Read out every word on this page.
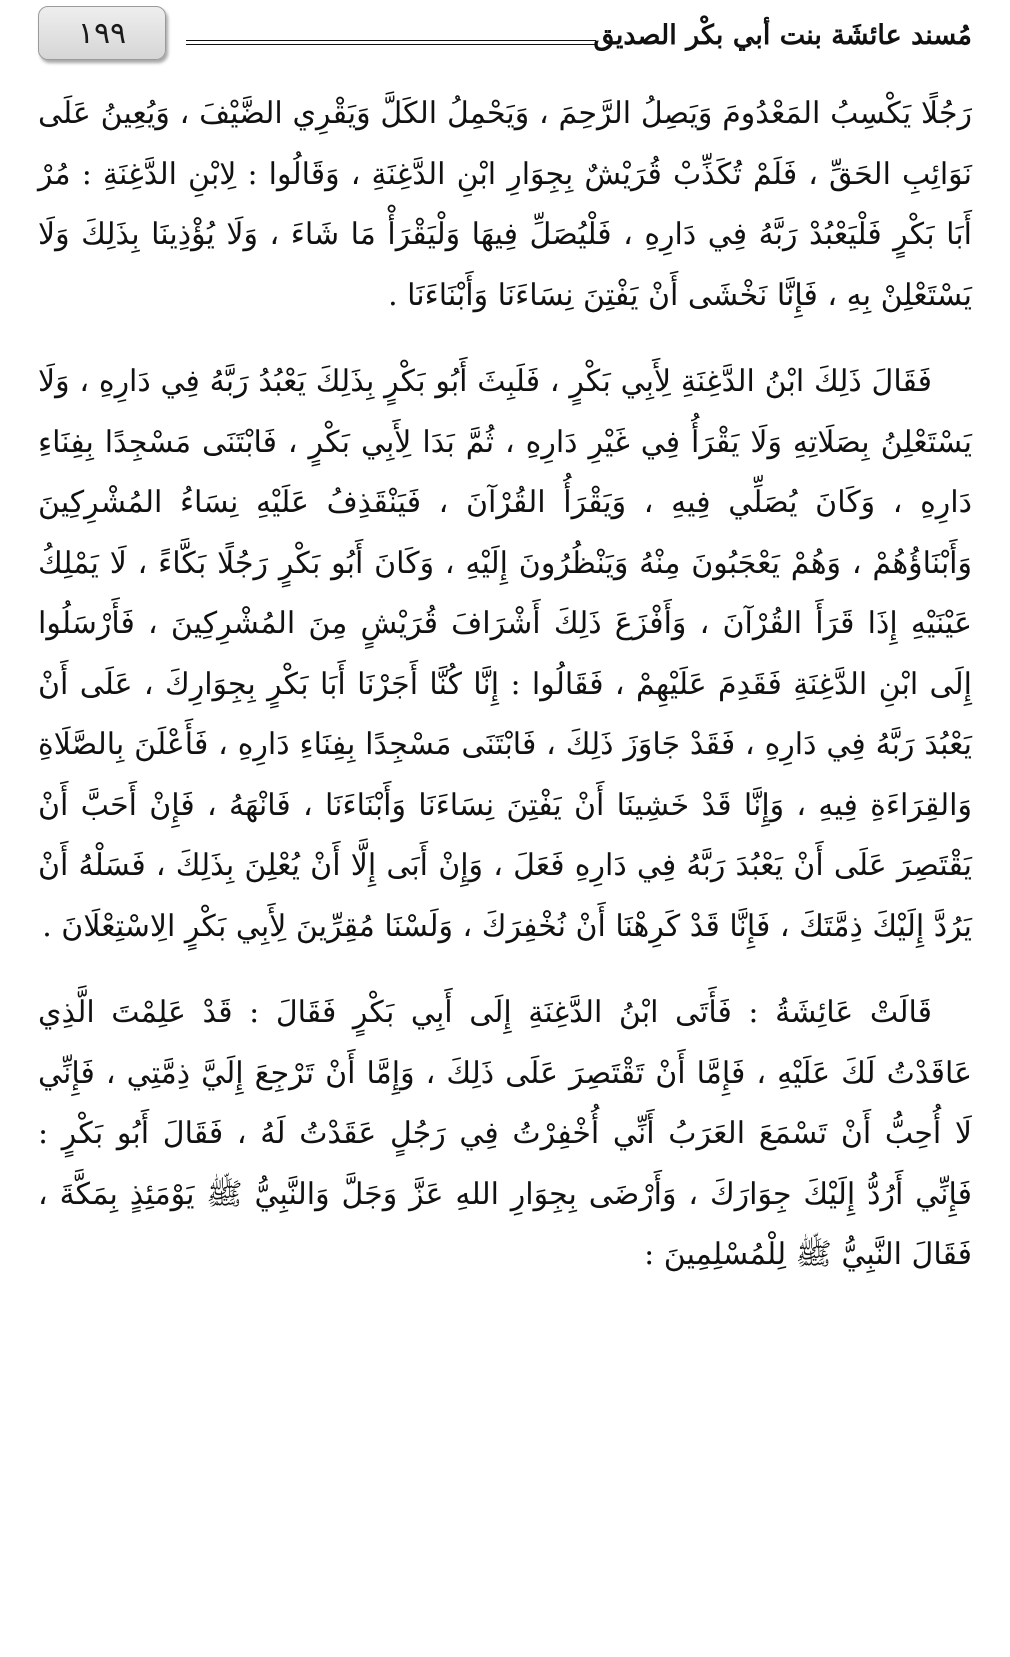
١٩٩	مُسند عائشَة بنت أبي بكْر الصديق

رَجُلًا يَكْسِبُ المَعْدُومَ وَيَصِلُ الرَّحِمَ ، وَيَحْمِلُ الكَلَّ وَيَقْرِي الضَّيْفَ ، وَيُعِينُ عَلَى نَوَائِبِ الحَقِّ ، فَلَمْ تُكَذِّبْ قُرَيْشٌ بِجِوَارِ ابْنِ الدَّغِنَةِ ، وَقَالُوا : لِابْنِ الدَّغِنَةِ : مُرْ أَبَا بَكْرٍ فَلْيَعْبُدْ رَبَّهُ فِي دَارِهِ ، فَلْيُصَلِّ فِيهَا وَلْيَقْرَأْ مَا شَاءَ ، وَلَا يُؤْذِينَا بِذَلِكَ وَلَا يَسْتَعْلِنْ بِهِ ، فَإِنَّا نَخْشَى أَنْ يَفْتِنَ نِسَاءَنَا وَأَبْنَاءَنَا .

فَقَالَ ذَلِكَ ابْنُ الدَّغِنَةِ لِأَبِي بَكْرٍ ، فَلَبِثَ أَبُو بَكْرٍ بِذَلِكَ يَعْبُدُ رَبَّهُ فِي دَارِهِ ، وَلَا يَسْتَعْلِنُ بِصَلَاتِهِ وَلَا يَقْرَأُ فِي غَيْرِ دَارِهِ ، ثُمَّ بَدَا لِأَبِي بَكْرٍ ، فَابْتَنَى مَسْجِدًا بِفِنَاءِ دَارِهِ ، وَكَانَ يُصَلِّي فِيهِ ، وَيَقْرَأُ القُرْآنَ ، فَيَنْقَذِفُ عَلَيْهِ نِسَاءُ المُشْرِكِينَ وَأَبْنَاؤُهُمْ ، وَهُمْ يَعْجَبُونَ مِنْهُ وَيَنْظُرُونَ إِلَيْهِ ، وَكَانَ أَبُو بَكْرٍ رَجُلًا بَكَّاءً ، لَا يَمْلِكُ عَيْنَيْهِ إِذَا قَرَأَ القُرْآنَ ، وَأَفْزَعَ ذَلِكَ أَشْرَافَ قُرَيْشٍ مِنَ المُشْرِكِينَ ، فَأَرْسَلُوا إِلَى ابْنِ الدَّغِنَةِ فَقَدِمَ عَلَيْهِمْ ، فَقَالُوا : إِنَّا كُنَّا أَجَرْنَا أَبَا بَكْرٍ بِجِوَارِكَ ، عَلَى أَنْ يَعْبُدَ رَبَّهُ فِي دَارِهِ ، فَقَدْ جَاوَزَ ذَلِكَ ، فَابْتَنَى مَسْجِدًا بِفِنَاءِ دَارِهِ ، فَأَعْلَنَ بِالصَّلَاةِ وَالقِرَاءَةِ فِيهِ ، وَإِنَّا قَدْ خَشِينَا أَنْ يَفْتِنَ نِسَاءَنَا وَأَبْنَاءَنَا ، فَانْهَهُ ، فَإِنْ أَحَبَّ أَنْ يَقْتَصِرَ عَلَى أَنْ يَعْبُدَ رَبَّهُ فِي دَارِهِ فَعَلَ ، وَإِنْ أَبَى إِلَّا أَنْ يُعْلِنَ بِذَلِكَ ، فَسَلْهُ أَنْ يَرُدَّ إِلَيْكَ ذِمَّتَكَ ، فَإِنَّا قَدْ كَرِهْنَا أَنْ نُخْفِرَكَ ، وَلَسْنَا مُقِرِّينَ لِأَبِي بَكْرٍ الِاسْتِعْلَانَ .

قَالَتْ عَائِشَةُ : فَأَتَى ابْنُ الدَّغِنَةِ إِلَى أَبِي بَكْرٍ فَقَالَ : قَدْ عَلِمْتَ الَّذِي عَاقَدْتُ لَكَ عَلَيْهِ ، فَإِمَّا أَنْ تَقْتَصِرَ عَلَى ذَلِكَ ، وَإِمَّا أَنْ تَرْجِعَ إِلَيَّ ذِمَّتِي ، فَإِنِّي لَا أُحِبُّ أَنْ تَسْمَعَ العَرَبُ أَنِّي أُخْفِرْتُ فِي رَجُلٍ عَقَدْتُ لَهُ ، فَقَالَ أَبُو بَكْرٍ : فَإِنِّي أَرُدُّ إِلَيْكَ جِوَارَكَ ، وَأَرْضَى بِجِوَارِ اللهِ عَزَّ وَجَلَّ وَالنَّبِيُّ ﷺ يَوْمَئِذٍ بِمَكَّةَ ، فَقَالَ النَّبِيُّ ﷺ لِلْمُسْلِمِينَ :
